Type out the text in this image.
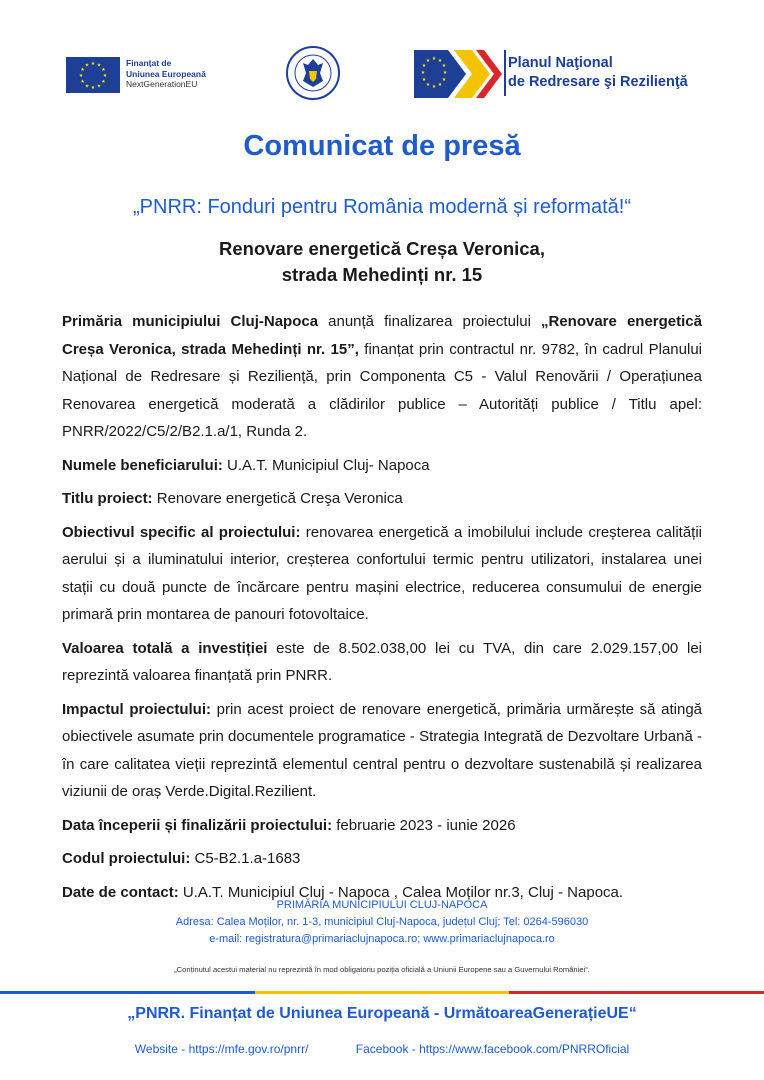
★ ★
★
★
★
★
★
★
★
★
★
★	Finanțat de
Uniunea Europeană
NextGenerationEU
★ ★
★
★
★
★
★
★
★
★
★
★	Planul Naţional
de Redresare şi Rezilienţă
Comunicat de presă
„PNRR: Fonduri pentru România modernă și reformată!“
Renovare energetică Creșa Veronica,
strada Mehedinți nr. 15

Primăria municipiului Cluj-Napoca anunță finalizarea proiectului „Renovare energetică Creșa Veronica, strada Mehedinți nr. 15”, finanțat prin contractul nr. 9782, în cadrul Planului Național de Redresare și Reziliență, prin Componenta C5 - Valul Renovării / Operațiunea Renovarea energetică moderată a clădirilor publice – Autorități publice / Titlu apel: PNRR/2022/C5/2/B2.1.a/1, Runda 2.

Numele beneficiarului: U.A.T. Municipiul Cluj- Napoca

Titlu proiect: Renovare energetică Creşa Veronica

Obiectivul specific al proiectului: renovarea energetică a imobilului include creșterea calității aerului și a iluminatului interior, creșterea confortului termic pentru utilizatori, instalarea unei stații cu două puncte de încărcare pentru mașini electrice, reducerea consumului de energie primară prin montarea de panouri fotovoltaice.

Valoarea totală a investiției este de 8.502.038,00 lei cu TVA, din care 2.029.157,00 lei reprezintă valoarea finanțată prin PNRR.

Impactul proiectului: prin acest proiect de renovare energetică, primăria urmărește să atingă obiectivele asumate prin documentele programatice - Strategia Integrată de Dezvoltare Urbană - în care calitatea vieții reprezintă elementul central pentru o dezvoltare sustenabilă și realizarea viziunii de oraș Verde.Digital.Rezilient.

Data începerii și finalizării proiectului: februarie 2023 - iunie 2026

Codul proiectului: C5-B2.1.a-1683

Date de contact: U.A.T. Municipiul Cluj - Napoca , Calea Moților nr.3, Cluj - Napoca.

PRIMĂRIA MUNICIPIULUI CLUJ-NAPOCA
Adresa: Calea Moților, nr. 1-3, municipiul Cluj-Napoca, județul Cluj; Tel: 0264-596030
e-mail: registratura@primariaclujnapoca.ro; www.primariaclujnapoca.ro
„Conținutul acestui material nu reprezintă în mod obligatoriu poziția oficială a Uniunii Europene sau a Guvernului României“.
„PNRR. Finanțat de Uniunea Europeană - UrmătoareaGenerațieUE“
Website - https://mfe.gov.ro/pnrr/	Facebook - https://www.facebook.com/PNRROficial
